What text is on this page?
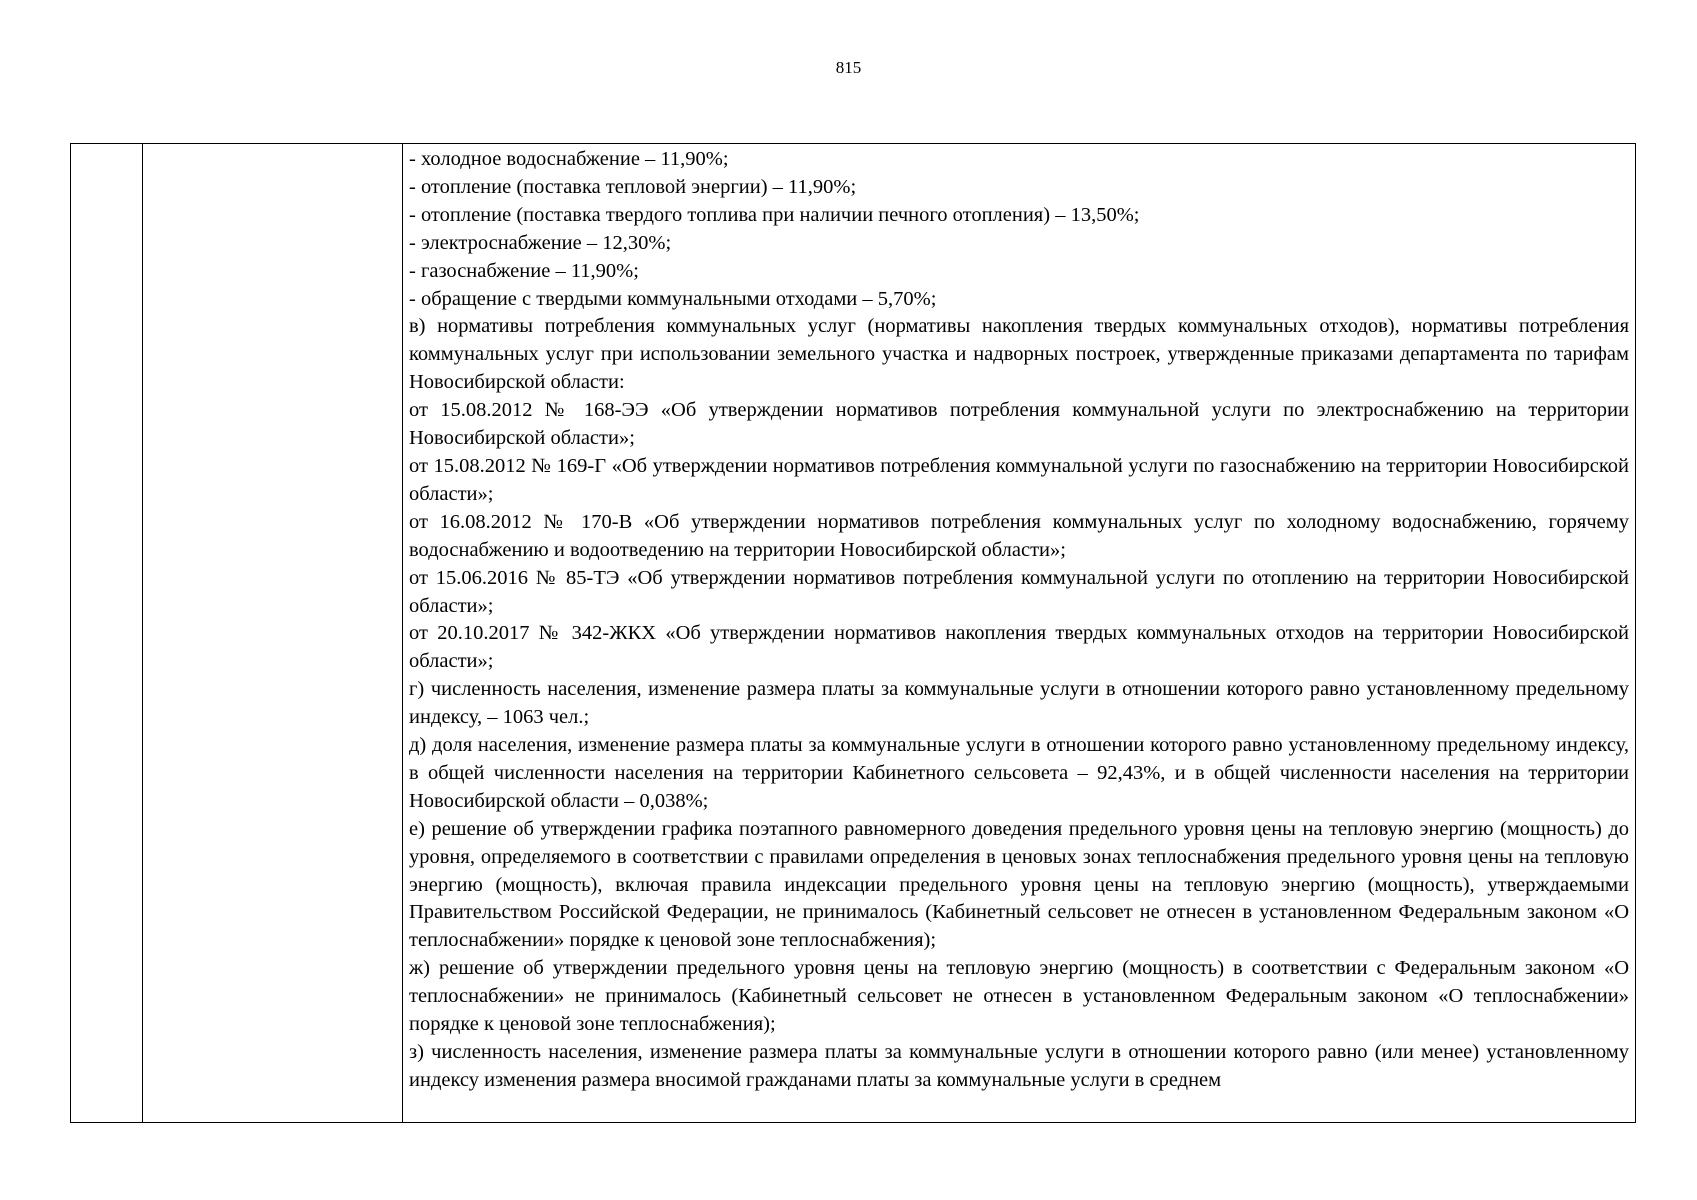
815

- холодное водоснабжение – 11,90%;

- отопление (поставка тепловой энергии) – 11,90%;

- отопление (поставка твердого топлива при наличии печного отопления) – 13,50%;

- электроснабжение – 12,30%;

- газоснабжение – 11,90%;

- обращение с твердыми коммунальными отходами – 5,70%;

в) нормативы потребления коммунальных услуг (нормативы накопления твердых коммунальных отходов), нормативы потребления коммунальных услуг при использовании земельного участка и надворных построек, утвержденные приказами департамента по тарифам Новосибирской области:

от 15.08.2012 № 168-ЭЭ «Об утверждении нормативов потребления коммунальной услуги по электроснабжению на территории Новосибирской области»;

от 15.08.2012 № 169-Г «Об утверждении нормативов потребления коммунальной услуги по газоснабжению на территории Новосибирской области»;

от 16.08.2012 № 170-В «Об утверждении нормативов потребления коммунальных услуг по холодному водоснабжению, горячему водоснабжению и водоотведению на территории Новосибирской области»;

от 15.06.2016 № 85-ТЭ «Об утверждении нормативов потребления коммунальной услуги по отоплению на территории Новосибирской области»;

от 20.10.2017 № 342-ЖКХ «Об утверждении нормативов накопления твердых коммунальных отходов на территории Новосибирской области»;

г) численность населения, изменение размера платы за коммунальные услуги в отношении которого равно установленному предельному индексу, – 1063 чел.;

д) доля населения, изменение размера платы за коммунальные услуги в отношении которого равно установленному предельному индексу, в общей численности населения на территории Кабинетного сельсовета – 92,43%, и в общей численности населения на территории Новосибирской области – 0,038%;

е) решение об утверждении графика поэтапного равномерного доведения предельного уровня цены на тепловую энергию (мощность) до уровня, определяемого в соответствии с правилами определения в ценовых зонах теплоснабжения предельного уровня цены на тепловую энергию (мощность), включая правила индексации предельного уровня цены на тепловую энергию (мощность), утверждаемыми Правительством Российской Федерации, не принималось (Кабинетный сельсовет не отнесен в установленном Федеральным законом «О теплоснабжении» порядке к ценовой зоне теплоснабжения);

ж) решение об утверждении предельного уровня цены на тепловую энергию (мощность) в соответствии с Федеральным законом «О теплоснабжении» не принималось (Кабинетный сельсовет не отнесен в установленном Федеральным законом «О теплоснабжении» порядке к ценовой зоне теплоснабжения);

з) численность населения, изменение размера платы за коммунальные услуги в отношении которого равно (или менее) установленному индексу изменения размера вносимой гражданами платы за коммунальные услуги в среднем
